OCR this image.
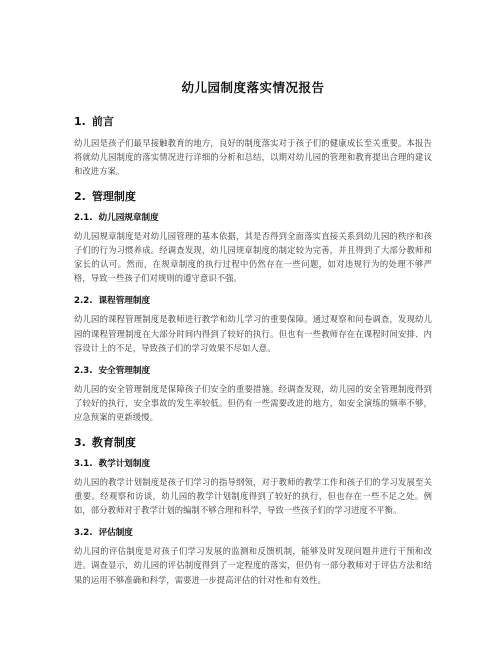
幼儿园制度落实情况报告
1. 前言

幼儿园是孩子们最早接触教育的地方，良好的制度落实对于孩子们的健康成长至关重要。本报告将就幼儿园制度的落实情况进行详细的分析和总结，以期对幼儿园的管理和教育提出合理的建议和改进方案。

2. 管理制度
2.1. 幼儿园规章制度

幼儿园规章制度是对幼儿园管理的基本依据，其是否得到全面落实直接关系到幼儿园的秩序和孩子们的行为习惯养成。经调查发现，幼儿园规章制度的制定较为完善，并且得到了大部分教师和家长的认可。然而，在规章制度的执行过程中仍然存在一些问题，如对违规行为的处理不够严格，导致一些孩子们对规则的遵守意识不强。

2.2. 课程管理制度

幼儿园的课程管理制度是教师进行教学和幼儿学习的重要保障。通过观察和问卷调查，发现幼儿园的课程管理制度在大部分时间内得到了较好的执行。但也有一些教师存在在课程时间安排、内容设计上的不足，导致孩子们的学习效果不尽如人意。

2.3. 安全管理制度

幼儿园的安全管理制度是保障孩子们安全的重要措施。经调查发现，幼儿园的安全管理制度得到了较好的执行，安全事故的发生率较低。但仍有一些需要改进的地方，如安全演练的频率不够，应急预案的更新缓慢。

3. 教育制度
3.1. 教学计划制度

幼儿园的教学计划制度是孩子们学习的指导纲领，对于教师的教学工作和孩子们的学习发展至关重要。经观察和访谈，幼儿园的教学计划制度得到了较好的执行，但也存在一些不足之处。例如，部分教师对于教学计划的编制不够合理和科学，导致一些孩子们的学习进度不平衡。

3.2. 评估制度

幼儿园的评估制度是对孩子们学习发展的监测和反馈机制，能够及时发现问题并进行干预和改进。调查显示，幼儿园的评估制度得到了一定程度的落实，但仍有一部分教师对于评估方法和结果的运用不够准确和科学，需要进一步提高评估的针对性和有效性。
